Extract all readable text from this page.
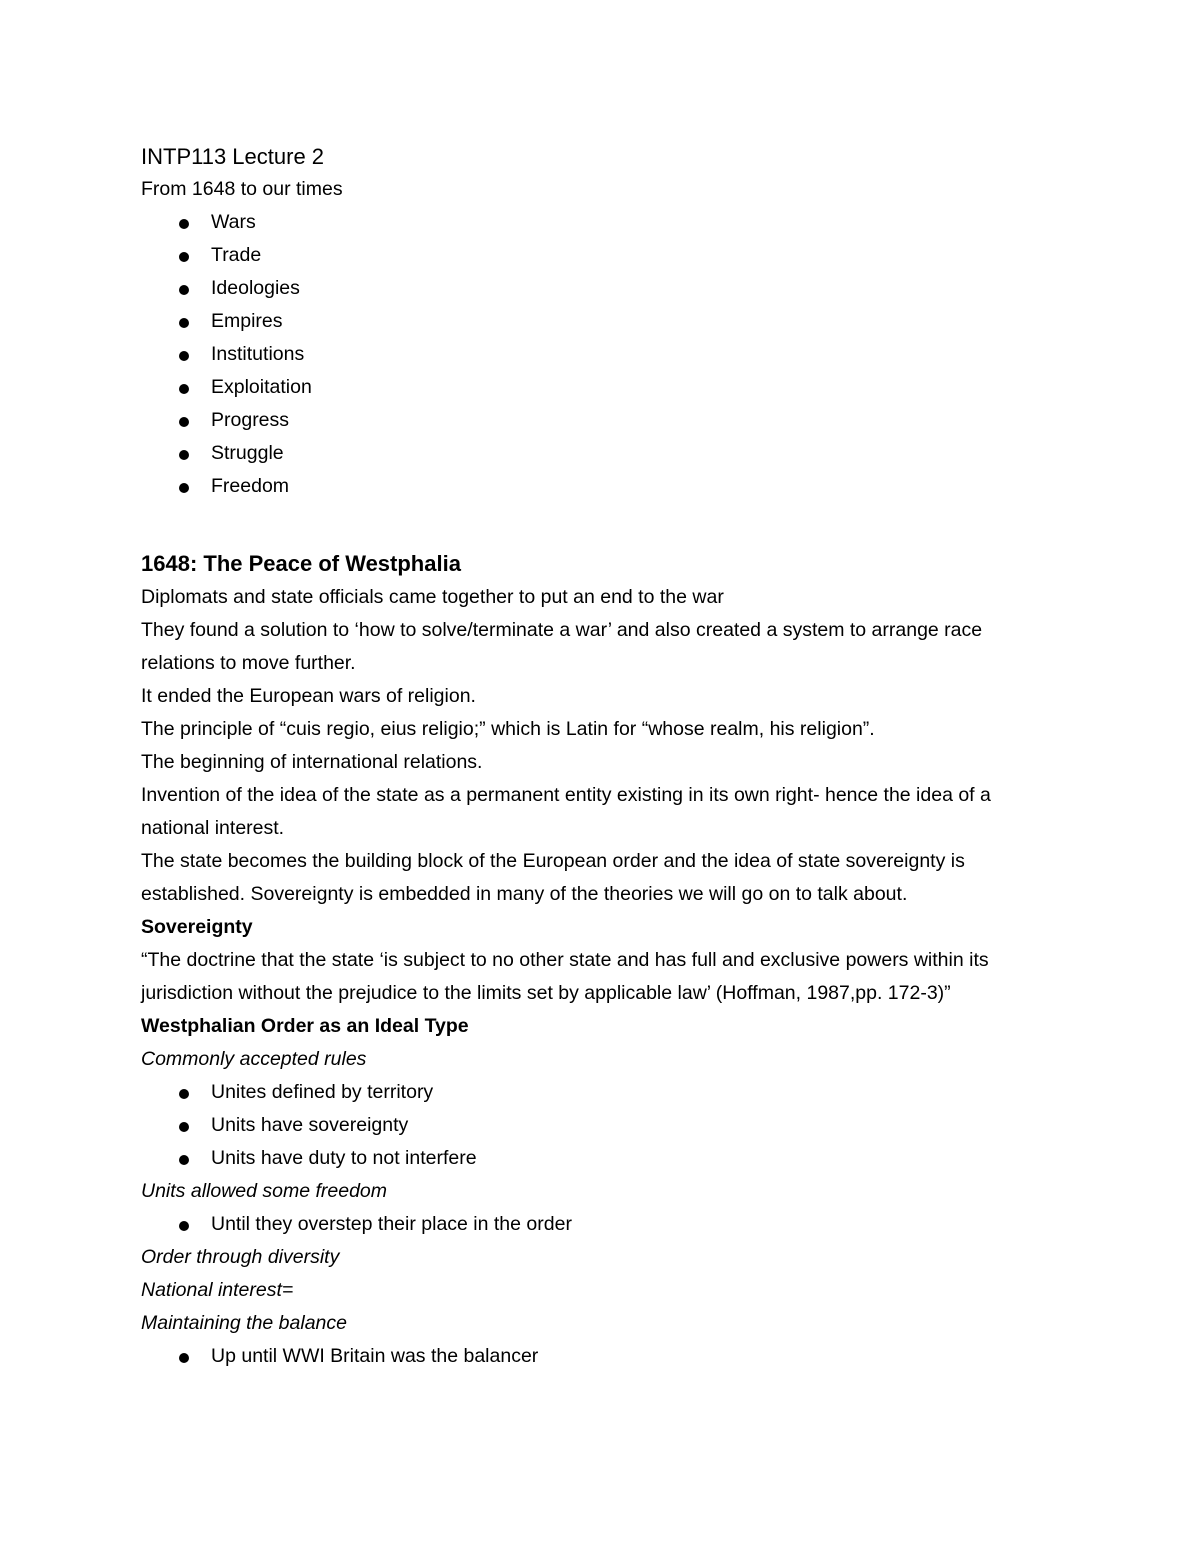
INTP113 Lecture 2

From 1648 to our times

Wars
Trade
Ideologies
Empires
Institutions
Exploitation
Progress
Struggle
Freedom

1648: The Peace of Westphalia

Diplomats and state officials came together to put an end to the war

They found a solution to ‘how to solve/terminate a war’ and also created a system to arrange race relations to move further.

It ended the European wars of religion.

The principle of “cuis regio, eius religio;” which is Latin for “whose realm, his religion”.

The beginning of international relations.

Invention of the idea of the state as a permanent entity existing in its own right- hence the idea of a national interest.

The state becomes the building block of the European order and the idea of state sovereignty is established. Sovereignty is embedded in many of the theories we will go on to talk about.

Sovereignty

“The doctrine that the state ‘is subject to no other state and has full and exclusive powers within its jurisdiction without the prejudice to the limits set by applicable law’ (Hoffman, 1987,pp. 172-3)”

Westphalian Order as an Ideal Type

Commonly accepted rules

Unites defined by territory
Units have sovereignty
Units have duty to not interfere

Units allowed some freedom

Until they overstep their place in the order

Order through diversity

National interest=

Maintaining the balance

Up until WWI Britain was the balancer
